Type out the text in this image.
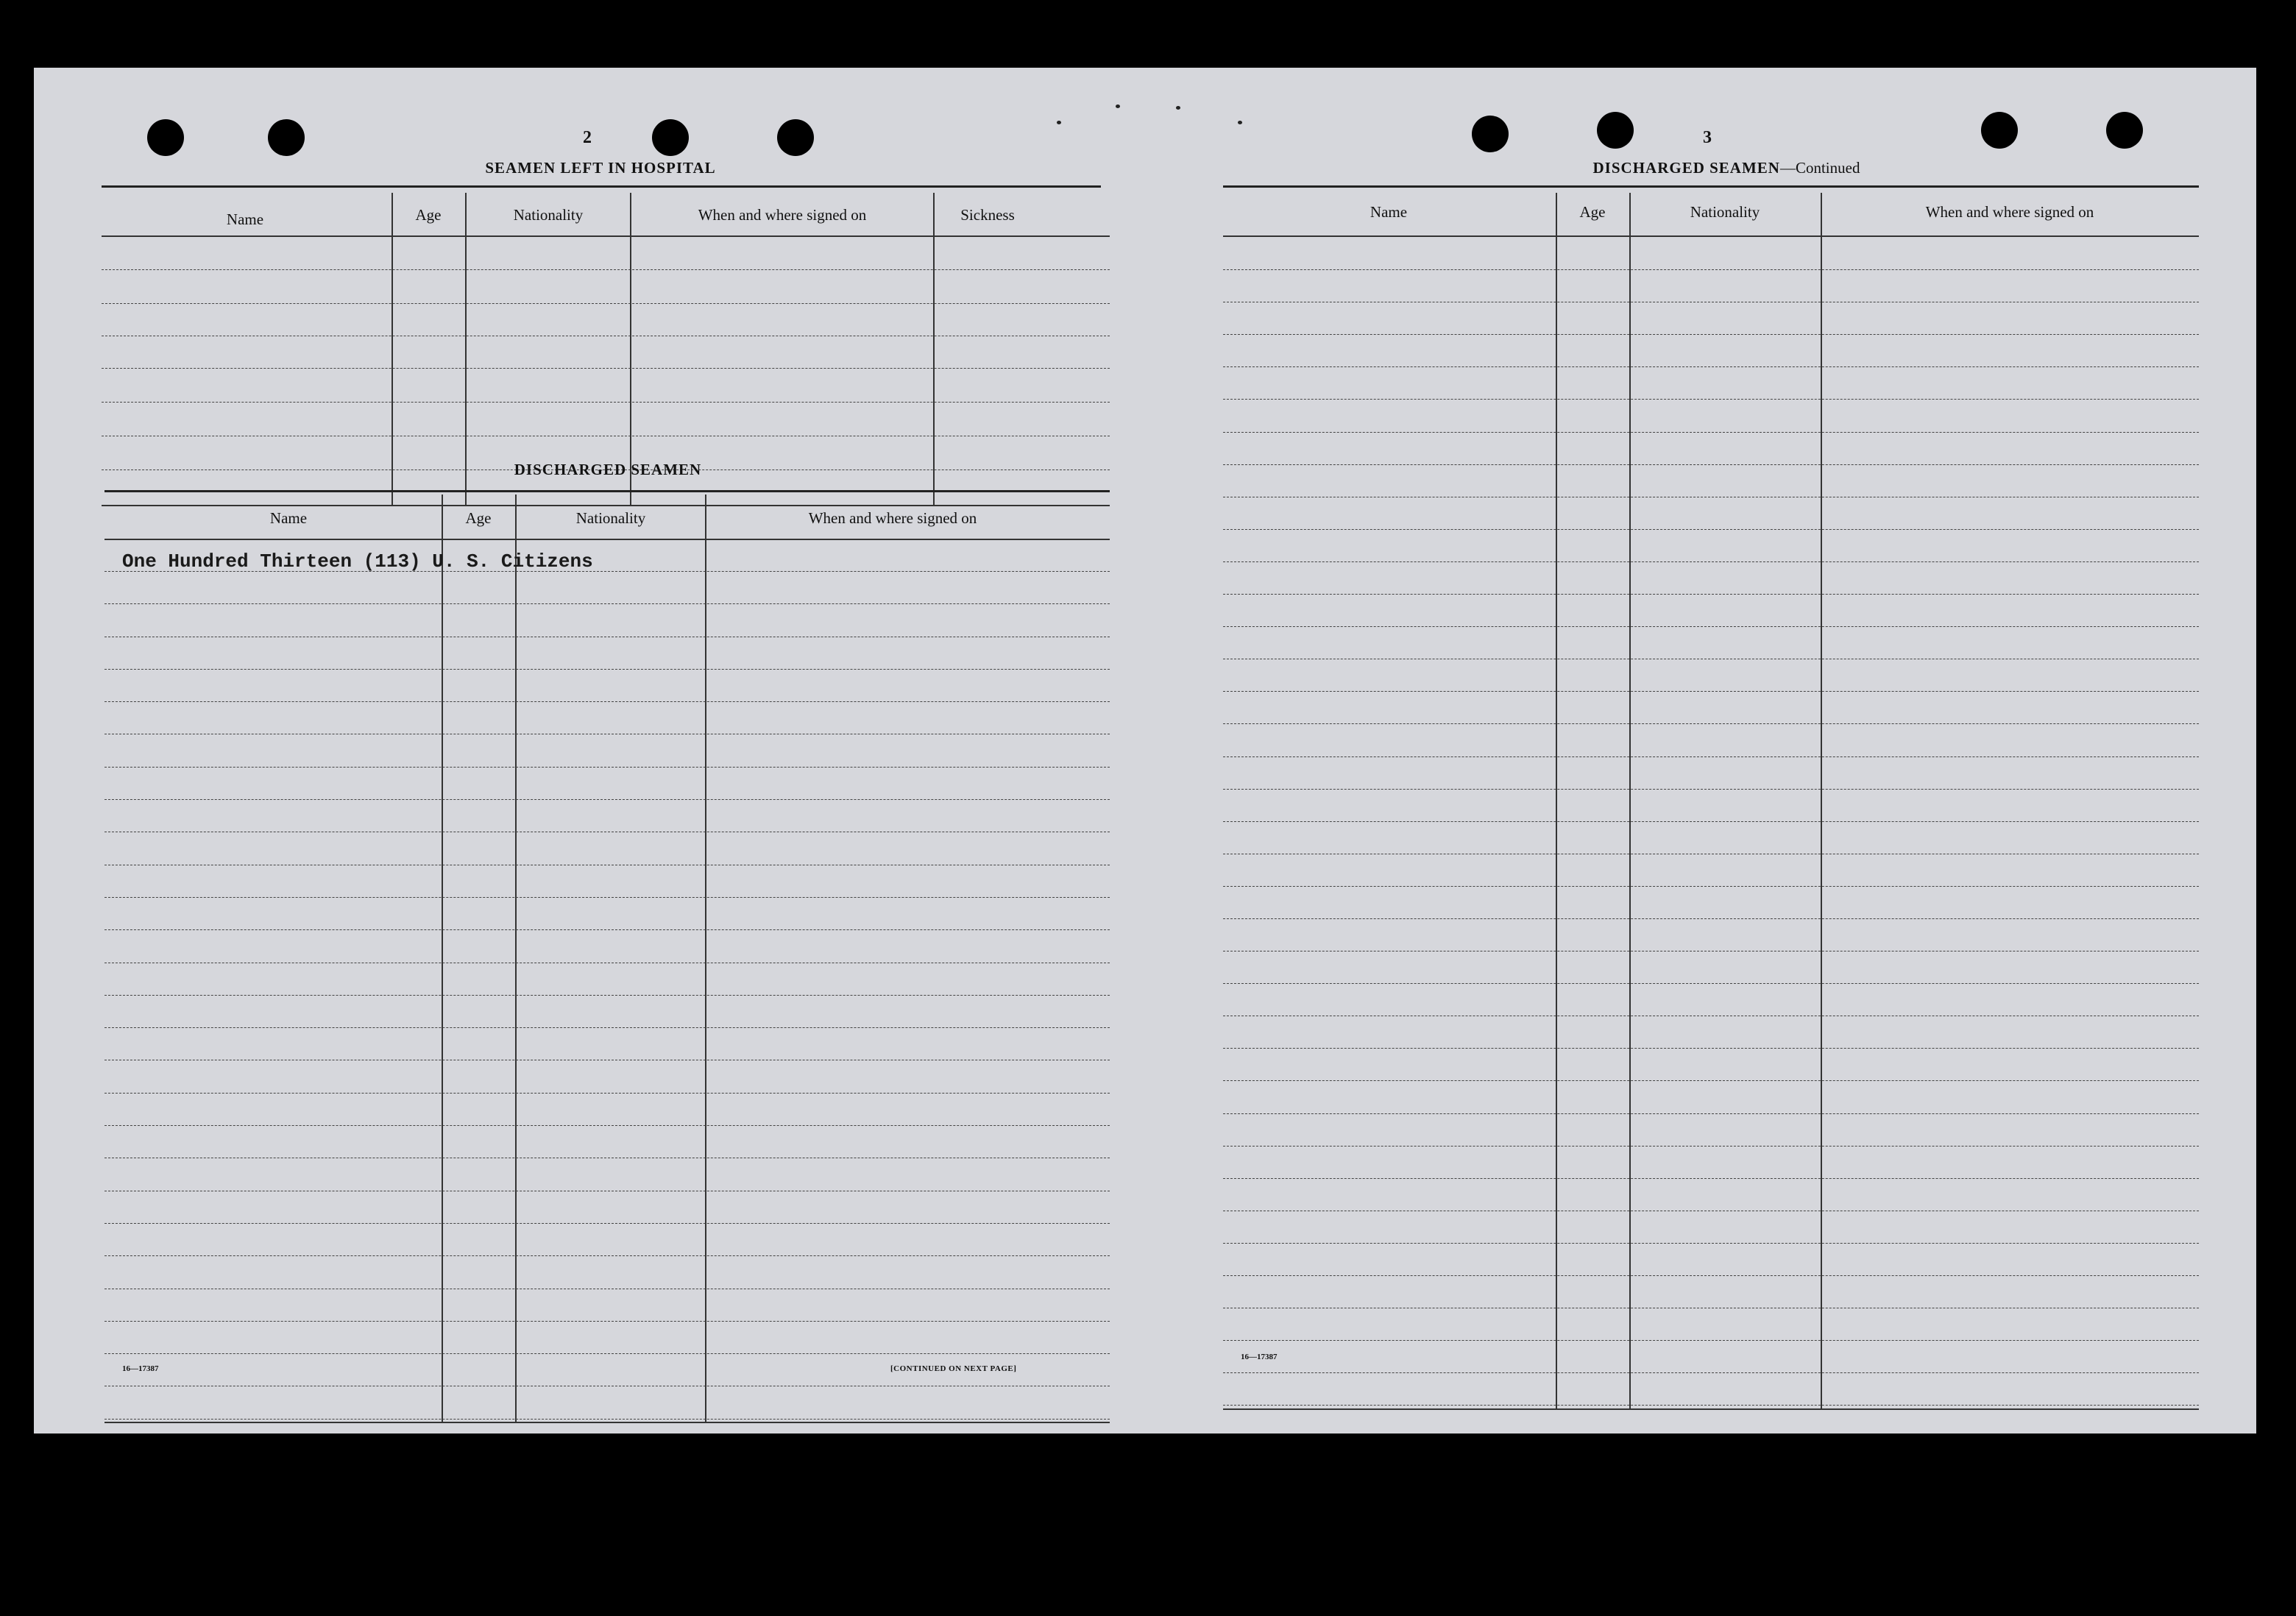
2
SEAMEN LEFT IN HOSPITAL
Name	Age	Nationality	When and where signed on	Sickness
DISCHARGED SEAMEN
Name	Age	Nationality	When and where signed on
One Hundred Thirteen (113) U. S. Citizens
16—17387	[CONTINUED ON NEXT PAGE]
3
DISCHARGED SEAMEN—Continued
Name	Age	Nationality	When and where signed on
16—17387
